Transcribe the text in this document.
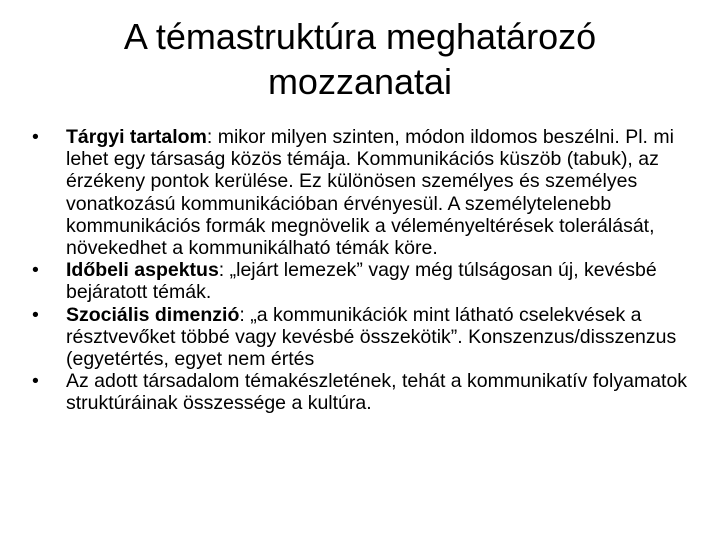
A témastruktúra meghatározó
mozzanatai
•	Tárgyi tartalom: mikor milyen szinten, módon ildomos beszélni. Pl. mi lehet egy társaság közös témája. Kommunikációs küszöb (tabuk), az érzékeny pontok kerülése. Ez különösen személyes és személyes vonatkozású kommunikációban érvényesül. A személytelenebb kommunikációs formák megnövelik a véleményeltérések tolerálását, növekedhet a kommunikálható témák köre.
•	Időbeli aspektus: „lejárt lemezek” vagy még túlságosan új, kevésbé bejáratott témák.
•	Szociális dimenzió: „a kommunikációk mint látható cselekvések a résztvevőket többé vagy kevésbé összekötik”. Konszenzus/disszenzus (egyetértés, egyet nem értés
•	Az adott társadalom témakészletének, tehát a kommunikatív folyamatok struktúráinak összessége a kultúra.
